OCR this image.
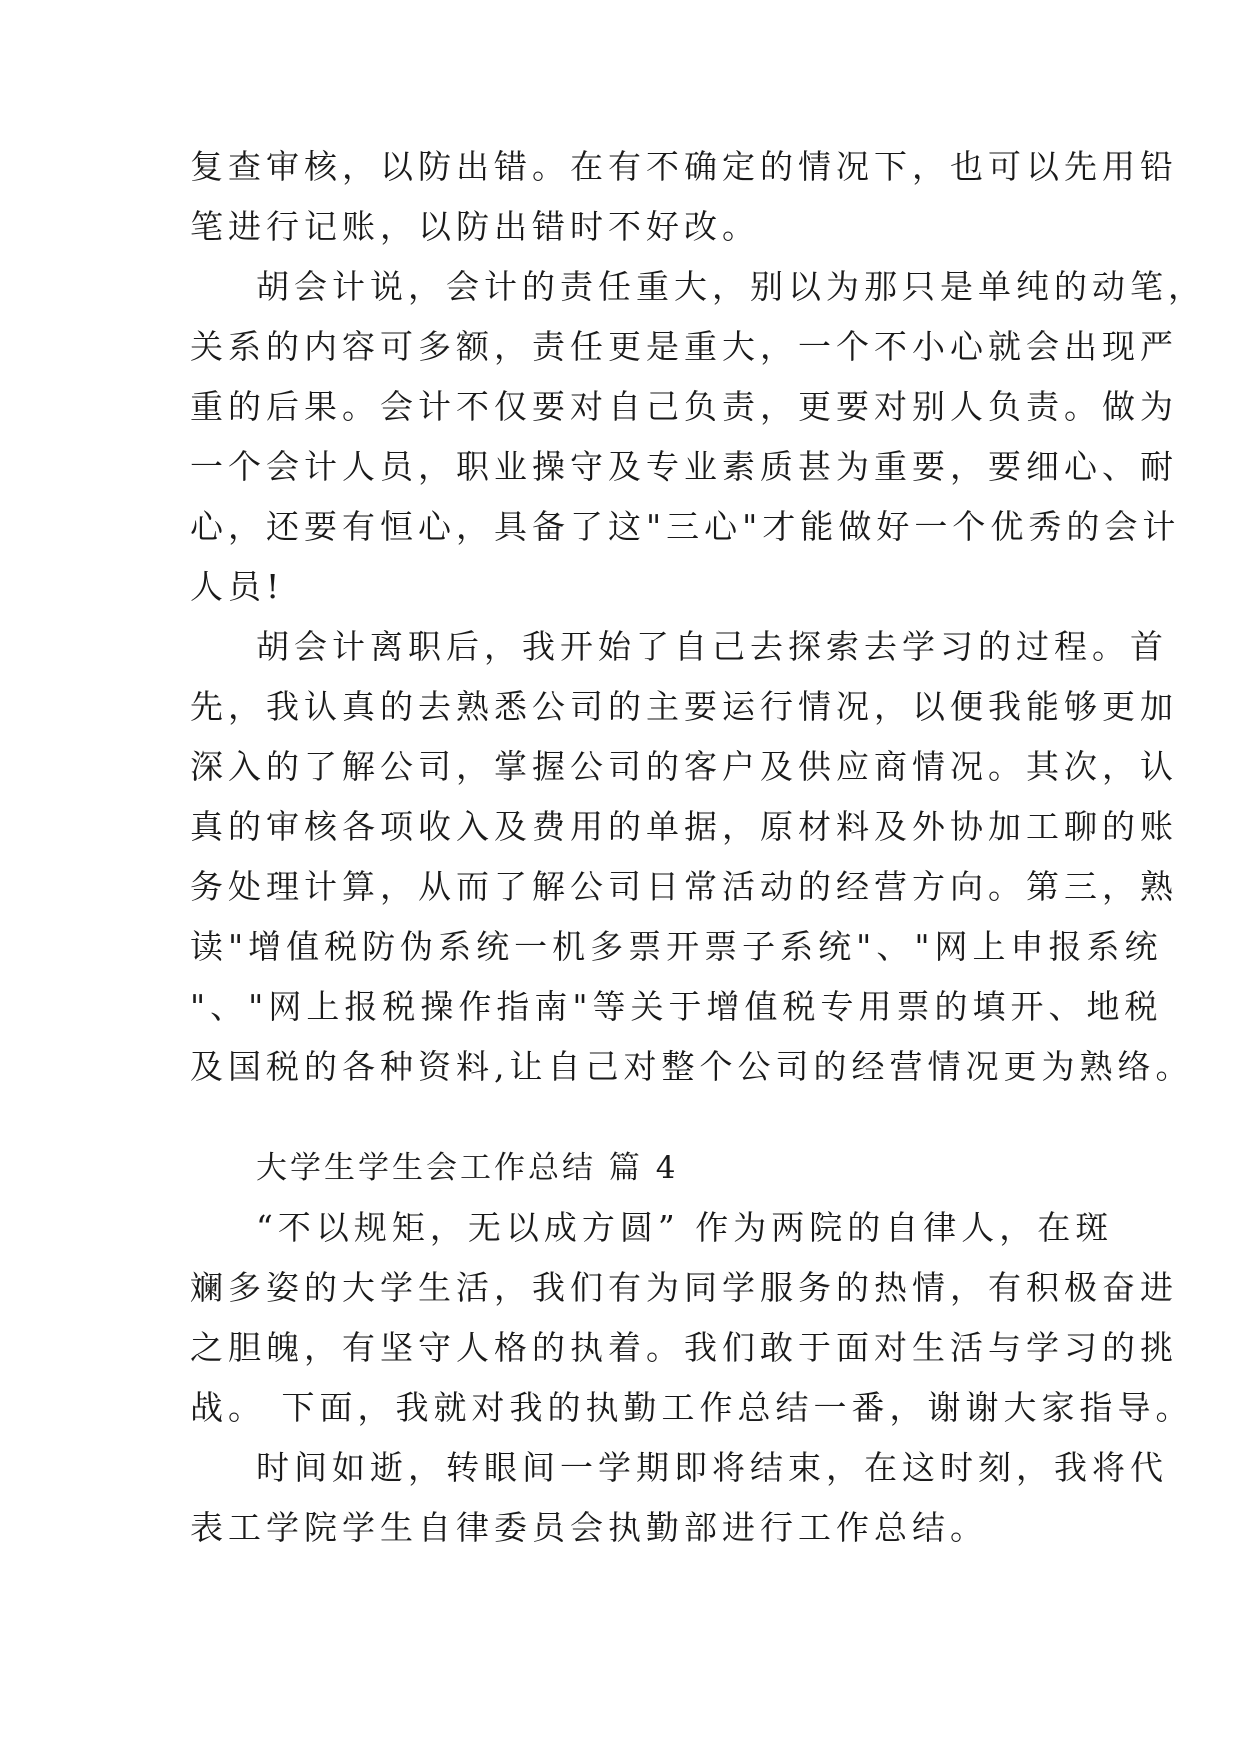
复查审核，以防出错。在有不确定的情况下，也可以先用铅
笔进行记账，以防出错时不好改。
胡会计说，会计的责任重大，别以为那只是单纯的动笔，
关系的内容可多额，责任更是重大，一个不小心就会出现严
重的后果。会计不仅要对自己负责，更要对别人负责。做为
一个会计人员，职业操守及专业素质甚为重要，要细心、耐
心，还要有恒心，具备了这"三心"才能做好一个优秀的会计
人员!
胡会计离职后，我开始了自己去探索去学习的过程。首
先，我认真的去熟悉公司的主要运行情况，以便我能够更加
深入的了解公司，掌握公司的客户及供应商情况。其次，认
真的审核各项收入及费用的单据，原材料及外协加工聊的账
务处理计算，从而了解公司日常活动的经营方向。第三，熟
读"增值税防伪系统一机多票开票子系统"、"网上申报系统
"、"网上报税操作指南"等关于增值税专用票的填开、地税
及国税的各种资料,让自己对整个公司的经营情况更为熟络。
大学生学生会工作总结 篇 4
“不以规矩，无以成方圆” 作为两院的自律人，在斑
斓多姿的大学生活，我们有为同学服务的热情，有积极奋进
之胆魄，有坚守人格的执着。我们敢于面对生活与学习的挑
战。 下面，我就对我的执勤工作总结一番，谢谢大家指导。
时间如逝，转眼间一学期即将结束，在这时刻，我将代
表工学院学生自律委员会执勤部进行工作总结。
